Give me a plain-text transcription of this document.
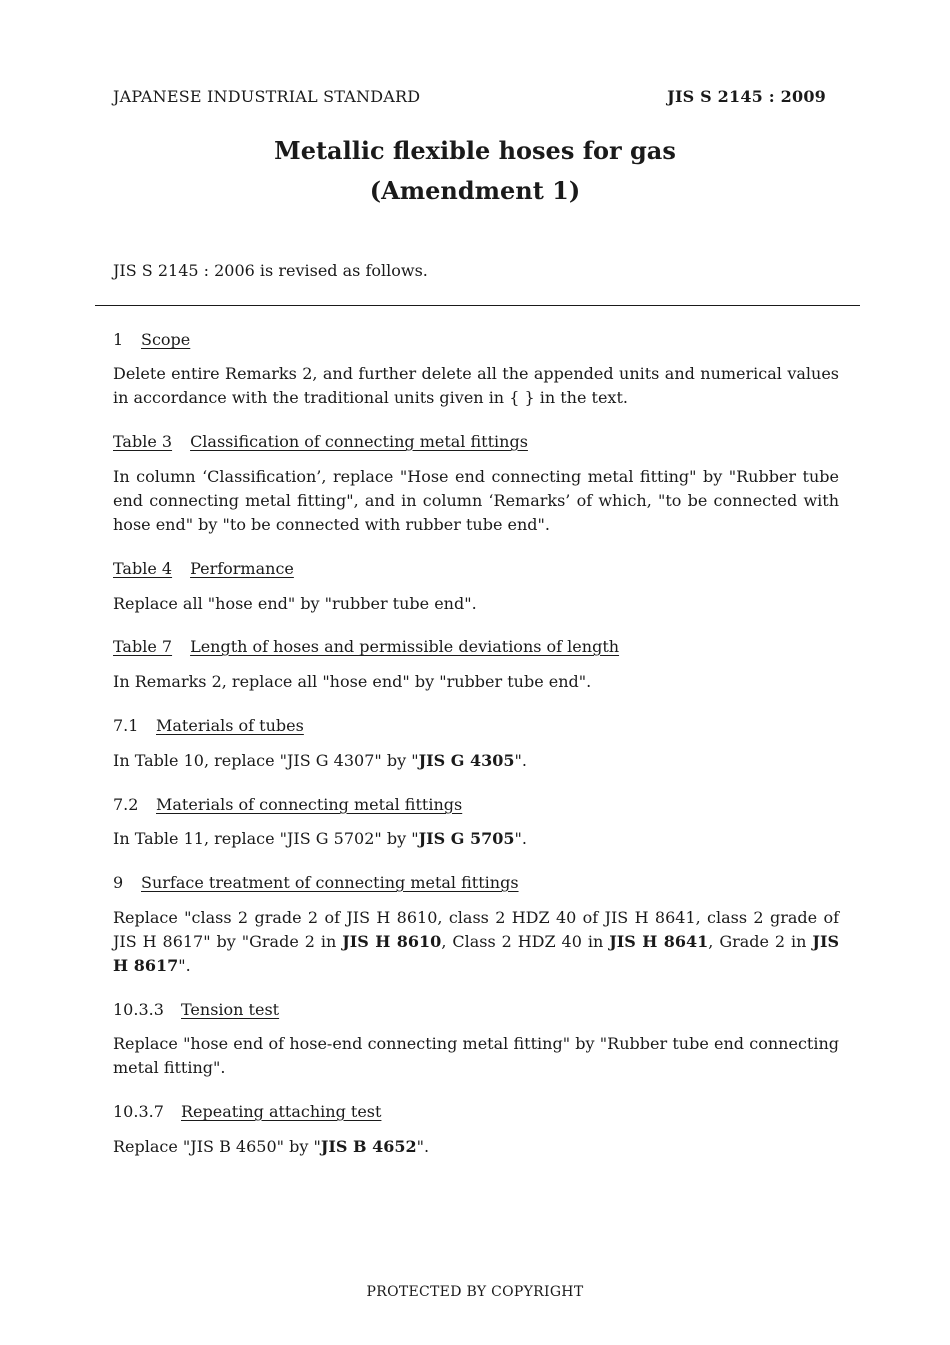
JAPANESE INDUSTRIAL STANDARD	JIS S 2145 : 2009
Metallic flexible hoses for gas
(Amendment 1)
JIS S 2145 : 2006 is revised as follows.
1 Scope
Delete entire Remarks 2, and further delete all the appended units and numerical values in accordance with the traditional units given in { } in the text.
Table 3 Classification of connecting metal fittings
In column ‘Classification’, replace "Hose end connecting metal fitting" by "Rubber tube end connecting metal fitting", and in column ‘Remarks’ of which, "to be connected with hose end" by "to be connected with rubber tube end".
Table 4 Performance
Replace all "hose end" by "rubber tube end".
Table 7 Length of hoses and permissible deviations of length
In Remarks 2, replace all "hose end" by "rubber tube end".
7.1 Materials of tubes
In Table 10, replace "JIS G 4307" by "JIS G 4305".
7.2 Materials of connecting metal fittings
In Table 11, replace "JIS G 5702" by "JIS G 5705".
9 Surface treatment of connecting metal fittings
Replace "class 2 grade 2 of JIS H 8610, class 2 HDZ 40 of JIS H 8641, class 2 grade of JIS H 8617" by "Grade 2 in JIS H 8610, Class 2 HDZ 40 in JIS H 8641, Grade 2 in JIS H 8617".
10.3.3 Tension test
Replace "hose end of hose-end connecting metal fitting" by "Rubber tube end connecting metal fitting".
10.3.7 Repeating attaching test
Replace "JIS B 4650" by "JIS B 4652".
PROTECTED BY COPYRIGHT
